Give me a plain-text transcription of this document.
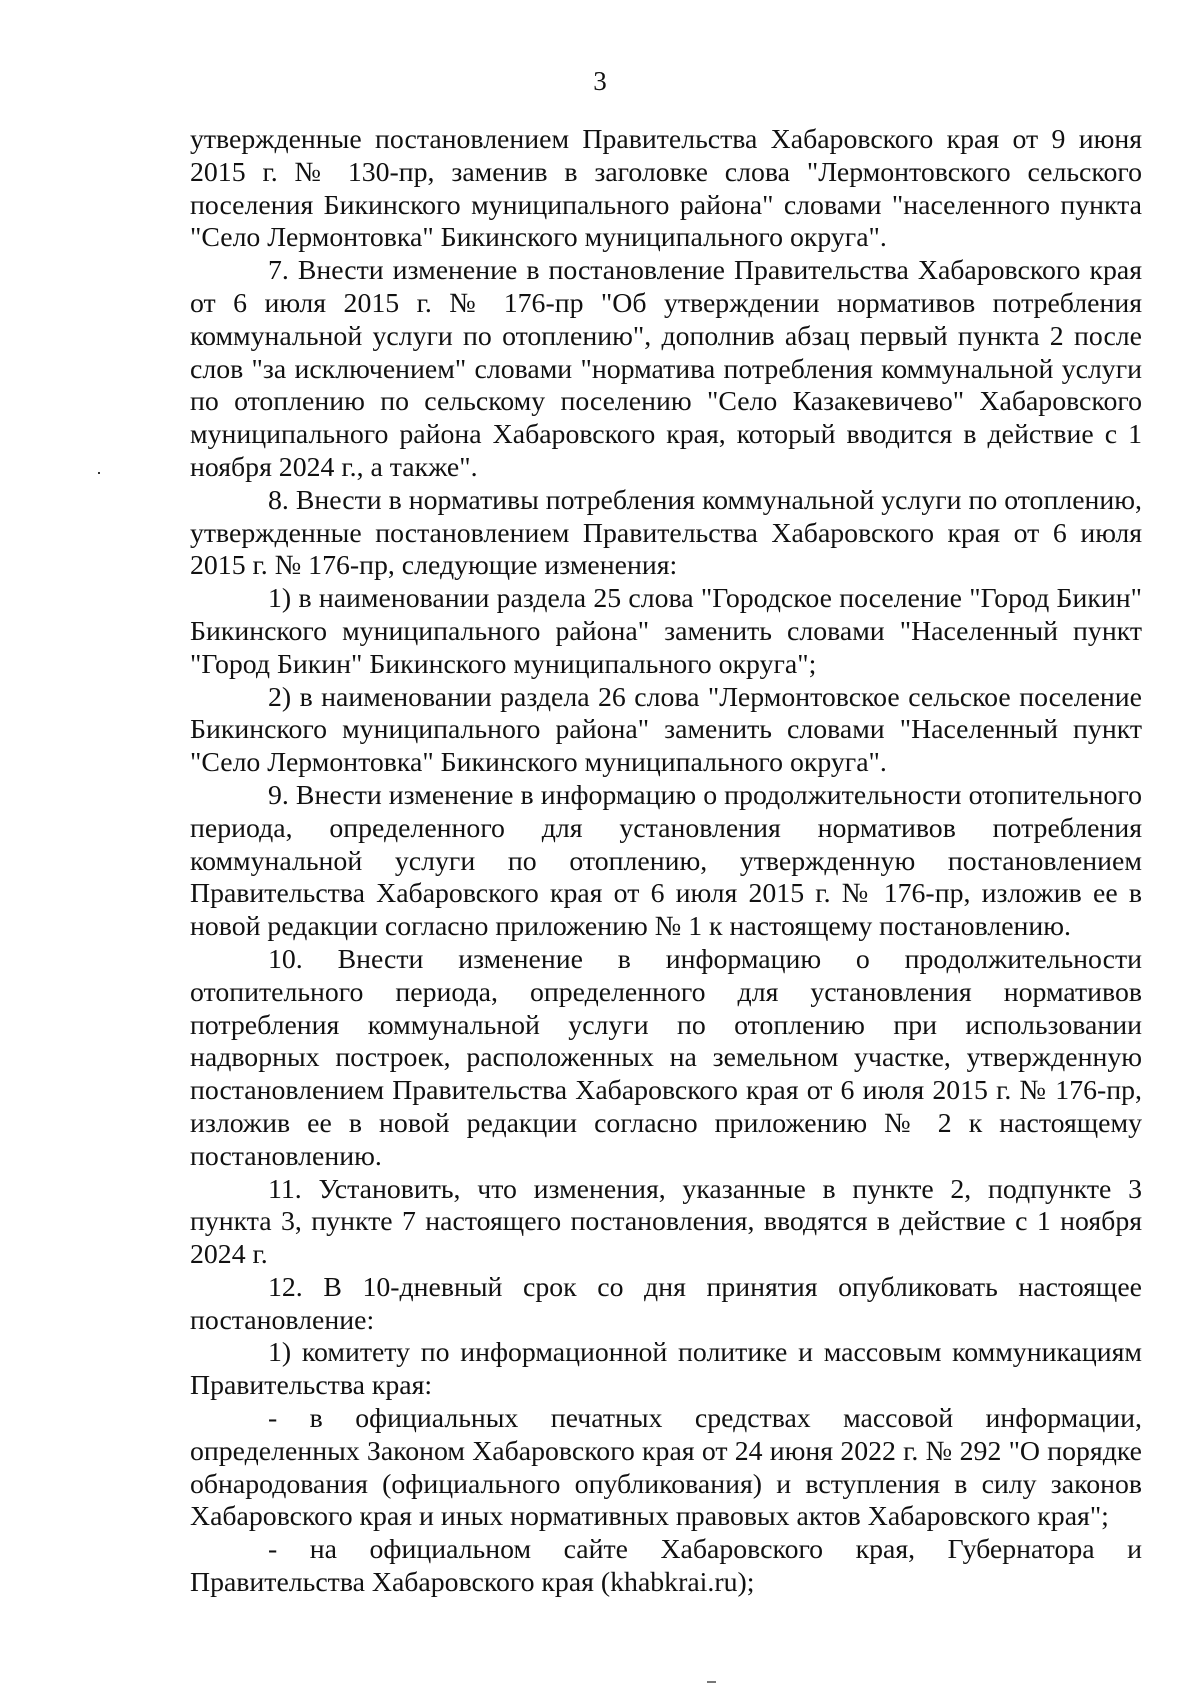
3

утвержденные постановлением Правительства Хабаровского края от 9 июня 2015 г. № 130-пр, заменив в заголовке слова "Лермонтовского сельского поселения Бикинского муниципального района" словами "населенного пункта "Село Лермонтовка" Бикинского муниципального округа".

7. Внести изменение в постановление Правительства Хабаровского края от 6 июля 2015 г. № 176-пр "Об утверждении нормативов потребления коммунальной услуги по отоплению", дополнив абзац первый пункта 2 после слов "за исключением" словами "норматива потребления коммунальной услуги по отоплению по сельскому поселению "Село Казакевичево" Хабаровского муниципального района Хабаровского края, который вводится в действие с 1 ноября 2024 г., а также".

8. Внести в нормативы потребления коммунальной услуги по отоплению, утвержденные постановлением Правительства Хабаровского края от 6 июля 2015 г. № 176-пр, следующие изменения:

1) в наименовании раздела 25 слова "Городское поселение "Город Бикин" Бикинского муниципального района" заменить словами "Населенный пункт "Город Бикин" Бикинского муниципального округа";

2) в наименовании раздела 26 слова "Лермонтовское сельское поселение Бикинского муниципального района" заменить словами "Населенный пункт "Село Лермонтовка" Бикинского муниципального округа".

9. Внести изменение в информацию о продолжительности отопительного периода, определенного для установления нормативов потребления коммунальной услуги по отоплению, утвержденную постановлением Правительства Хабаровского края от 6 июля 2015 г. № 176-пр, изложив ее в новой редакции согласно приложению № 1 к настоящему постановлению.

10. Внести изменение в информацию о продолжительности отопительного периода, определенного для установления нормативов потребления коммунальной услуги по отоплению при использовании надворных построек, расположенных на земельном участке, утвержденную постановлением Правительства Хабаровского края от 6 июля 2015 г. № 176-пр, изложив ее в новой редакции согласно приложению № 2 к настоящему постановлению.

11. Установить, что изменения, указанные в пункте 2, подпункте 3 пункта 3, пункте 7 настоящего постановления, вводятся в действие с 1 ноября 2024 г.

12. В 10-дневный срок со дня принятия опубликовать настоящее постановление:

1) комитету по информационной политике и массовым коммуникациям Правительства края:

- в официальных печатных средствах массовой информации, определенных Законом Хабаровского края от 24 июня 2022 г. № 292 "О порядке обнародования (официального опубликования) и вступления в силу законов Хабаровского края и иных нормативных правовых актов Хабаровского края";

- на официальном сайте Хабаровского края, Губернатора и Правительства Хабаровского края (khabkrai.ru);
